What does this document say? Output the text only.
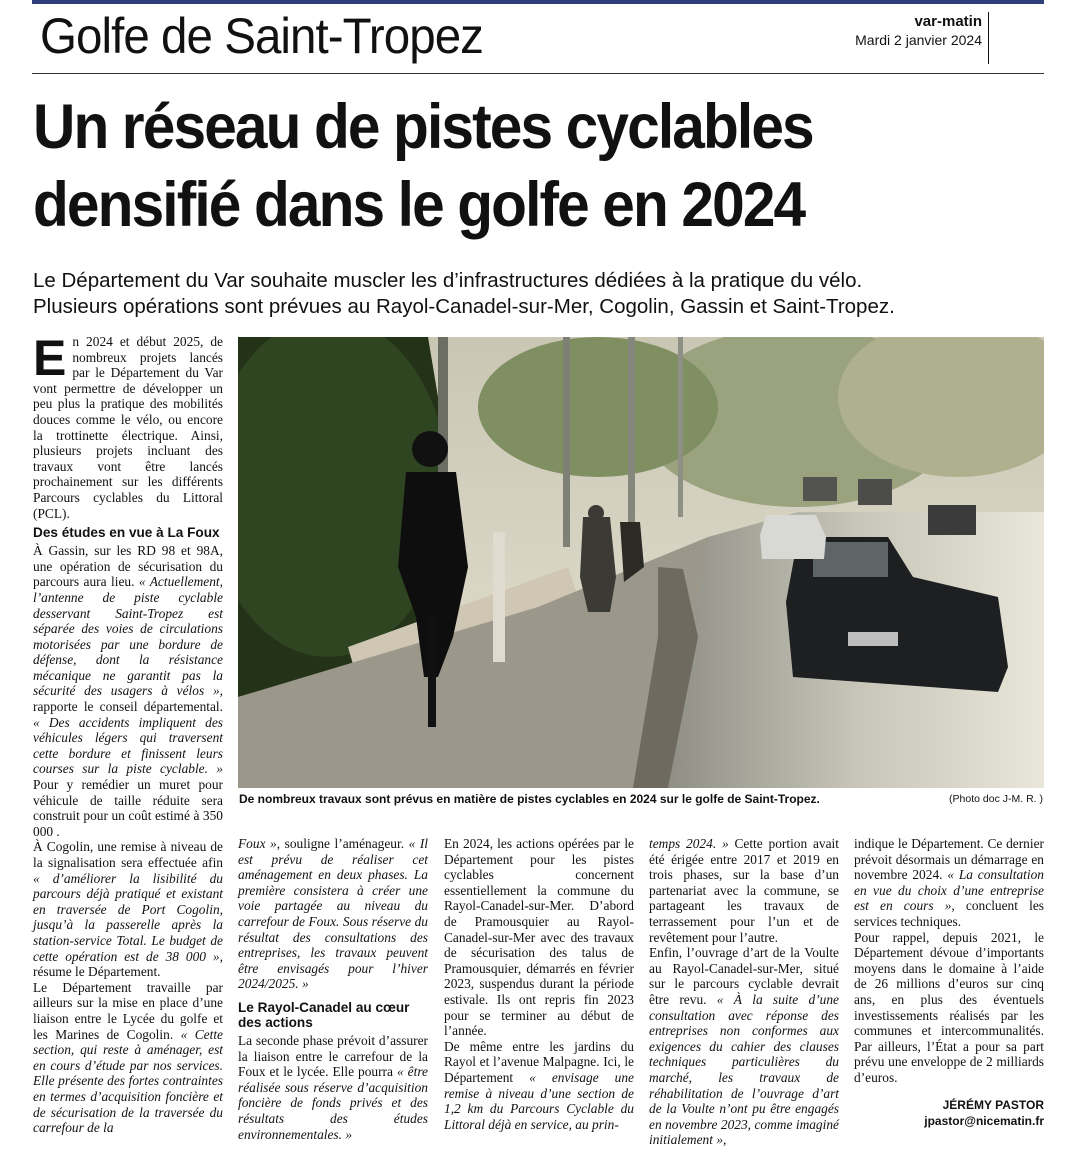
Golfe de Saint-Tropez	var-matin
Mardi 2 janvier 2024
Un réseau de pistes cyclables
densifié dans le golfe en 2024
Le Département du Var souhaite muscler les d’infrastructures dédiées à la pratique du vélo.
Plusieurs opérations sont prévues au Rayol-Canadel-sur-Mer, Cogolin, Gassin et Saint-Tropez.

En 2024 et début 2025, de nombreux projets lancés par le Département du Var vont permettre de développer un peu plus la pratique des mobilités douces comme le vélo, ou encore la trottinette électrique. Ainsi, plusieurs projets incluant des travaux vont être lancés prochainement sur les différents Parcours cyclables du Littoral (PCL).

Des études en vue à La Foux

À Gassin, sur les RD 98 et 98A, une opération de sécurisation du parcours aura lieu. « Actuellement, l’antenne de piste cyclable desservant Saint-Tropez est séparée des voies de circulations motorisées par une bordure de défense, dont la résistance mécanique ne garantit pas la sécurité des usagers à vélos », rapporte le conseil départemental. « Des accidents impliquent des véhicules légers qui traversent cette bordure et finissent leurs courses sur la piste cyclable. » Pour y remédier un muret pour véhicule de taille réduite sera construit pour un coût estimé à 350 000 .

À Cogolin, une remise à niveau de la signalisation sera effectuée afin « d’améliorer la lisibilité du parcours déjà pratiqué et existant en traversée de Port Cogolin, jusqu’à la passerelle après la station-service Total. Le budget de cette opération est de 38 000 », résume le Département.

Le Département travaille par ailleurs sur la mise en place d’une liaison entre le Lycée du golfe et les Marines de Cogolin. « Cette section, qui reste à aménager, est en cours d’étude par nos services. Elle présente des fortes contraintes en termes d’acquisition foncière et de sécurisation de la traversée du carrefour de la

De nombreux travaux sont prévus en matière de pistes cyclables en 2024 sur le golfe de Saint-Tropez.	(Photo doc J-M. R. )

Foux », souligne l’aménageur. « Il est prévu de réaliser cet aménagement en deux phases. La première consistera à créer une voie partagée au niveau du carrefour de Foux. Sous réserve du résultat des consultations des entreprises, les travaux peuvent être envisagés pour l’hiver 2024/2025. »

Le Rayol-Canadel au cœur des actions

La seconde phase prévoit d’assurer la liaison entre le carrefour de la Foux et le lycée. Elle pourra « être réalisée sous réserve d’acquisition foncière de fonds privés et des résultats des études environnementales. »

En 2024, les actions opérées par le Département pour les pistes cyclables concernent essentiellement la commune du Rayol-Canadel-sur-Mer. D’abord de Pramousquier au Rayol-Canadel-sur-Mer avec des travaux de sécurisation des talus de Pramousquier, démarrés en février 2023, suspendus durant la période estivale. Ils ont repris fin 2023 pour se terminer au début de l’année.

De même entre les jardins du Rayol et l’avenue Malpagne. Ici, le Département « envisage une remise à niveau d’une section de 1,2 km du Parcours Cyclable du Littoral déjà en service, au prin-

temps 2024. » Cette portion avait été érigée entre 2017 et 2019 en trois phases, sur la base d’un partenariat avec la commune, se partageant les travaux de terrassement pour l’un et de revêtement pour l’autre.

Enfin, l’ouvrage d’art de la Voulte au Rayol-Canadel-sur-Mer, situé sur le parcours cyclable devrait être revu. « À la suite d’une consultation avec réponse des entreprises non conformes aux exigences du cahier des clauses techniques particulières du marché, les travaux de réhabilitation de l’ouvrage d’art de la Voulte n’ont pu être engagés en novembre 2023, comme imaginé initialement »,

indique le Département. Ce dernier prévoit désormais un démarrage en novembre 2024. « La consultation en vue du choix d’une entreprise est en cours », concluent les services techniques.

Pour rappel, depuis 2021, le Département dévoue d’importants moyens dans le domaine à l’aide de 26 millions d’euros sur cinq ans, en plus des éventuels investissements réalisés par les communes et intercommunalités. Par ailleurs, l’État a pour sa part prévu une enveloppe de 2 milliards d’euros.

JÉRÉMY PASTOR
jpastor@nicematin.fr
